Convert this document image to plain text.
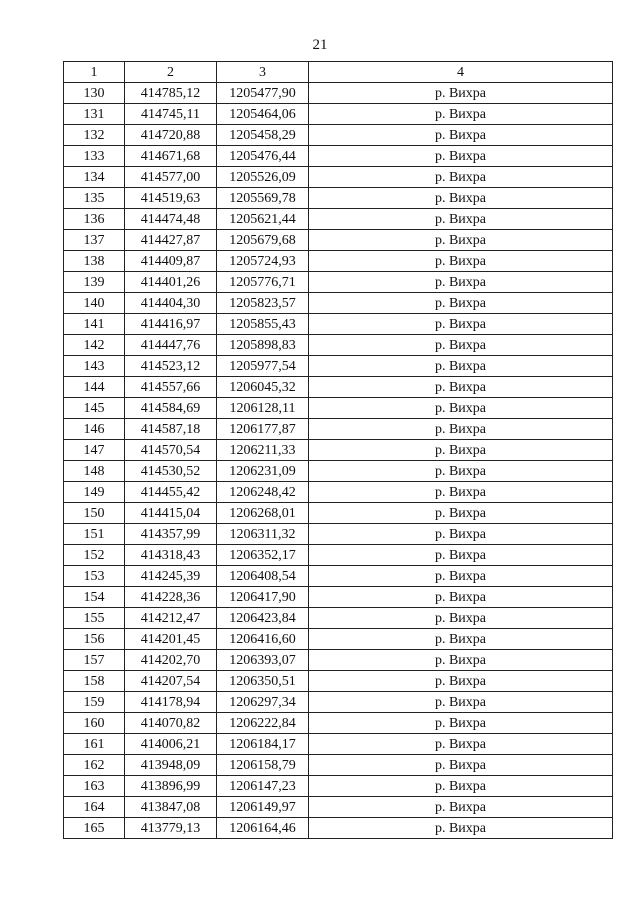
21
1	2	3	4
130	414785,12	1205477,90	р. Вихра
131	414745,11	1205464,06	р. Вихра
132	414720,88	1205458,29	р. Вихра
133	414671,68	1205476,44	р. Вихра
134	414577,00	1205526,09	р. Вихра
135	414519,63	1205569,78	р. Вихра
136	414474,48	1205621,44	р. Вихра
137	414427,87	1205679,68	р. Вихра
138	414409,87	1205724,93	р. Вихра
139	414401,26	1205776,71	р. Вихра
140	414404,30	1205823,57	р. Вихра
141	414416,97	1205855,43	р. Вихра
142	414447,76	1205898,83	р. Вихра
143	414523,12	1205977,54	р. Вихра
144	414557,66	1206045,32	р. Вихра
145	414584,69	1206128,11	р. Вихра
146	414587,18	1206177,87	р. Вихра
147	414570,54	1206211,33	р. Вихра
148	414530,52	1206231,09	р. Вихра
149	414455,42	1206248,42	р. Вихра
150	414415,04	1206268,01	р. Вихра
151	414357,99	1206311,32	р. Вихра
152	414318,43	1206352,17	р. Вихра
153	414245,39	1206408,54	р. Вихра
154	414228,36	1206417,90	р. Вихра
155	414212,47	1206423,84	р. Вихра
156	414201,45	1206416,60	р. Вихра
157	414202,70	1206393,07	р. Вихра
158	414207,54	1206350,51	р. Вихра
159	414178,94	1206297,34	р. Вихра
160	414070,82	1206222,84	р. Вихра
161	414006,21	1206184,17	р. Вихра
162	413948,09	1206158,79	р. Вихра
163	413896,99	1206147,23	р. Вихра
164	413847,08	1206149,97	р. Вихра
165	413779,13	1206164,46	р. Вихра
